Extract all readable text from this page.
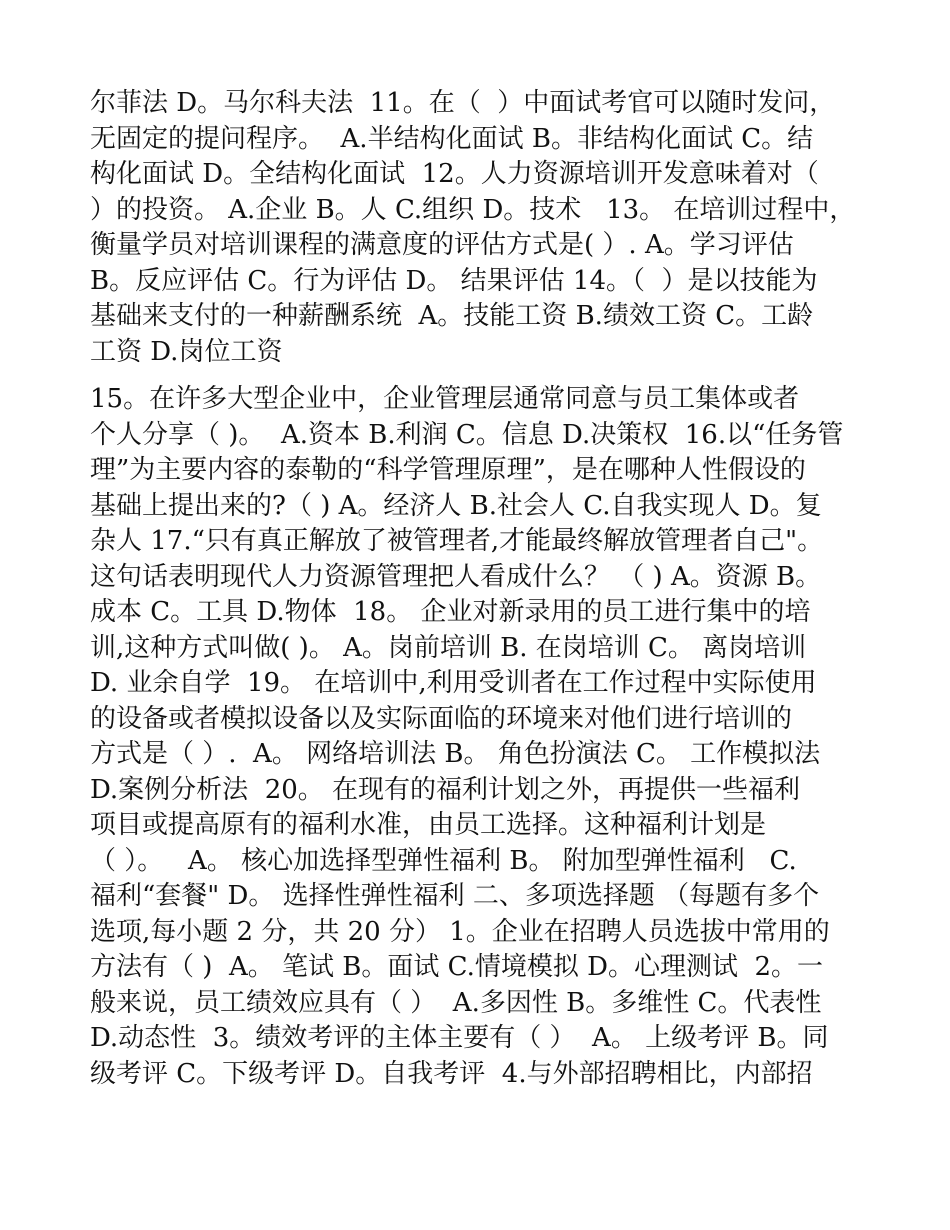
尔菲法 D。马尔科夫法  11。在（  ）中面试考官可以随时发问，
无固定的提问程序。  A.半结构化面试 B。非结构化面试 C。结
构化面试 D。全结构化面试  12。人力资源培训开发意味着对（
）的投资。 A.企业 B。人 C.组织 D。技术   13。 在培训过程中，
衡量学员对培训课程的满意度的评估方式是( ）. A。学习评估
B。反应评估 C。行为评估 D。 结果评估 14。（  ）是以技能为
基础来支付的一种薪酬系统  A。技能工资 B.绩效工资 C。工龄
工资 D.岗位工资
15。在许多大型企业中，企业管理层通常同意与员工集体或者
个人分享（ )。  A.资本 B.利润 C。信息 D.决策权  16.以“任务管
理”为主要内容的泰勒的“科学管理原理”，是在哪种人性假设的
基础上提出来的?（ ) A。经济人 B.社会人 C.自我实现人 D。复
杂人 17.“只有真正解放了被管理者,才能最终解放管理者自己"。
这句话表明现代人力资源管理把人看成什么？ （ ) A。资源 B。
成本 C。工具 D.物体  18。 企业对新录用的员工进行集中的培
训,这种方式叫做( )。 A。岗前培训 B. 在岗培训 C。 离岗培训
D. 业余自学  19。 在培训中,利用受训者在工作过程中实际使用
的设备或者模拟设备以及实际面临的环境来对他们进行培训的
方式是（ ）.  A。 网络培训法 B。 角色扮演法 C。 工作模拟法
D.案例分析法  20。 在现有的福利计划之外，再提供一些福利
项目或提高原有的福利水准，由员工选择。这种福利计划是
（ ）。   A。 核心加选择型弹性福利 B。 附加型弹性福利   C.
福利“套餐" D。 选择性弹性福利 二、多项选择题 （每题有多个
选项,每小题 2 分，共 20 分） 1。企业在招聘人员选拔中常用的
方法有（ )  A。 笔试 B。面试 C.情境模拟 D。心理测试  2。一
般来说，员工绩效应具有（ ）  A.多因性 B。多维性 C。代表性
D.动态性  3。绩效考评的主体主要有（ ）  A。 上级考评 B。同
级考评 C。下级考评 D。自我考评  4.与外部招聘相比，内部招
